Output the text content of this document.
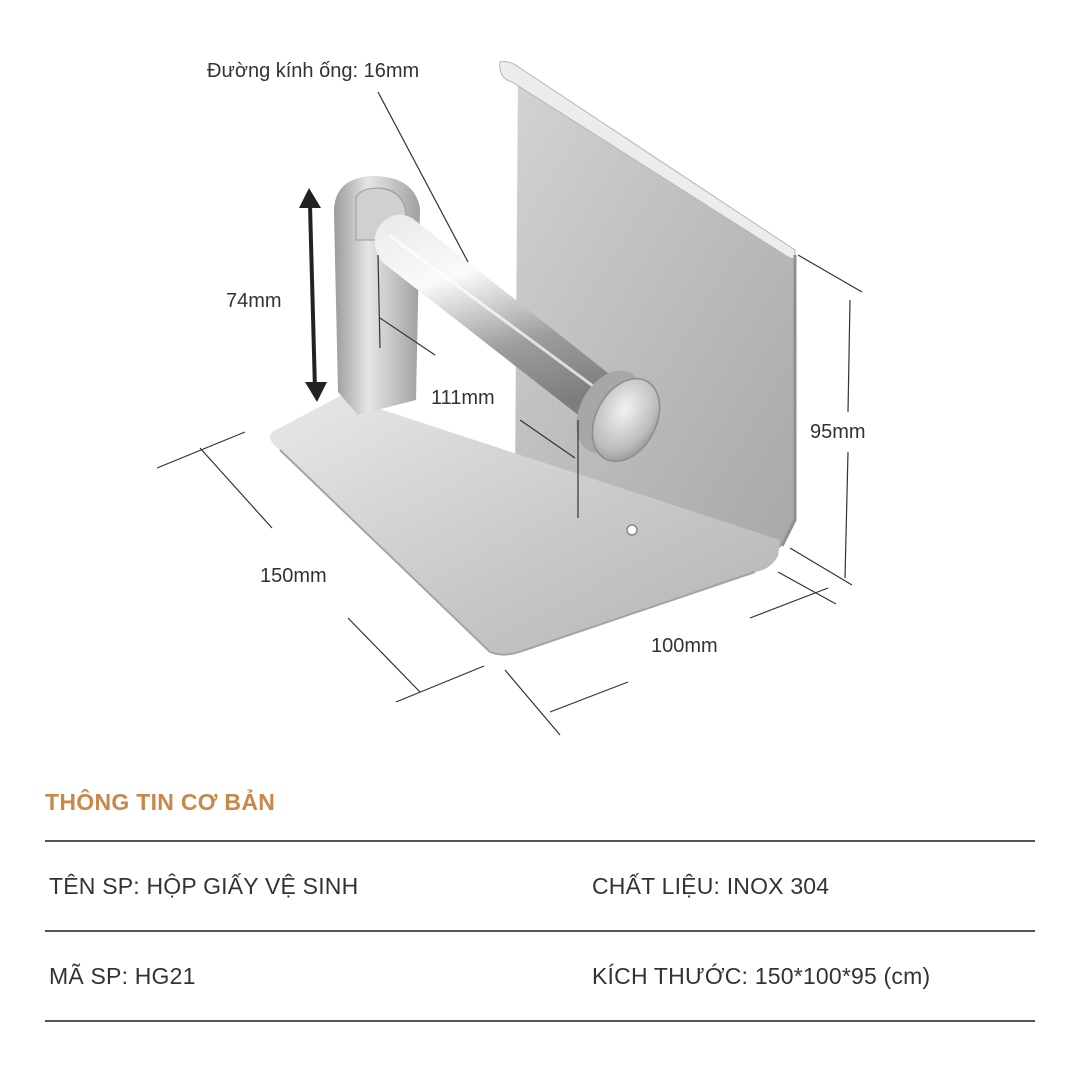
Đường kính ống: 16mm
74mm
111mm
95mm
150mm
100mm
THÔNG TIN CƠ BẢN
TÊN SP: HỘP GIẤY VỆ SINH	CHẤT LIỆU: INOX 304
MÃ SP: HG21	KÍCH THƯỚC: 150*100*95 (cm)
